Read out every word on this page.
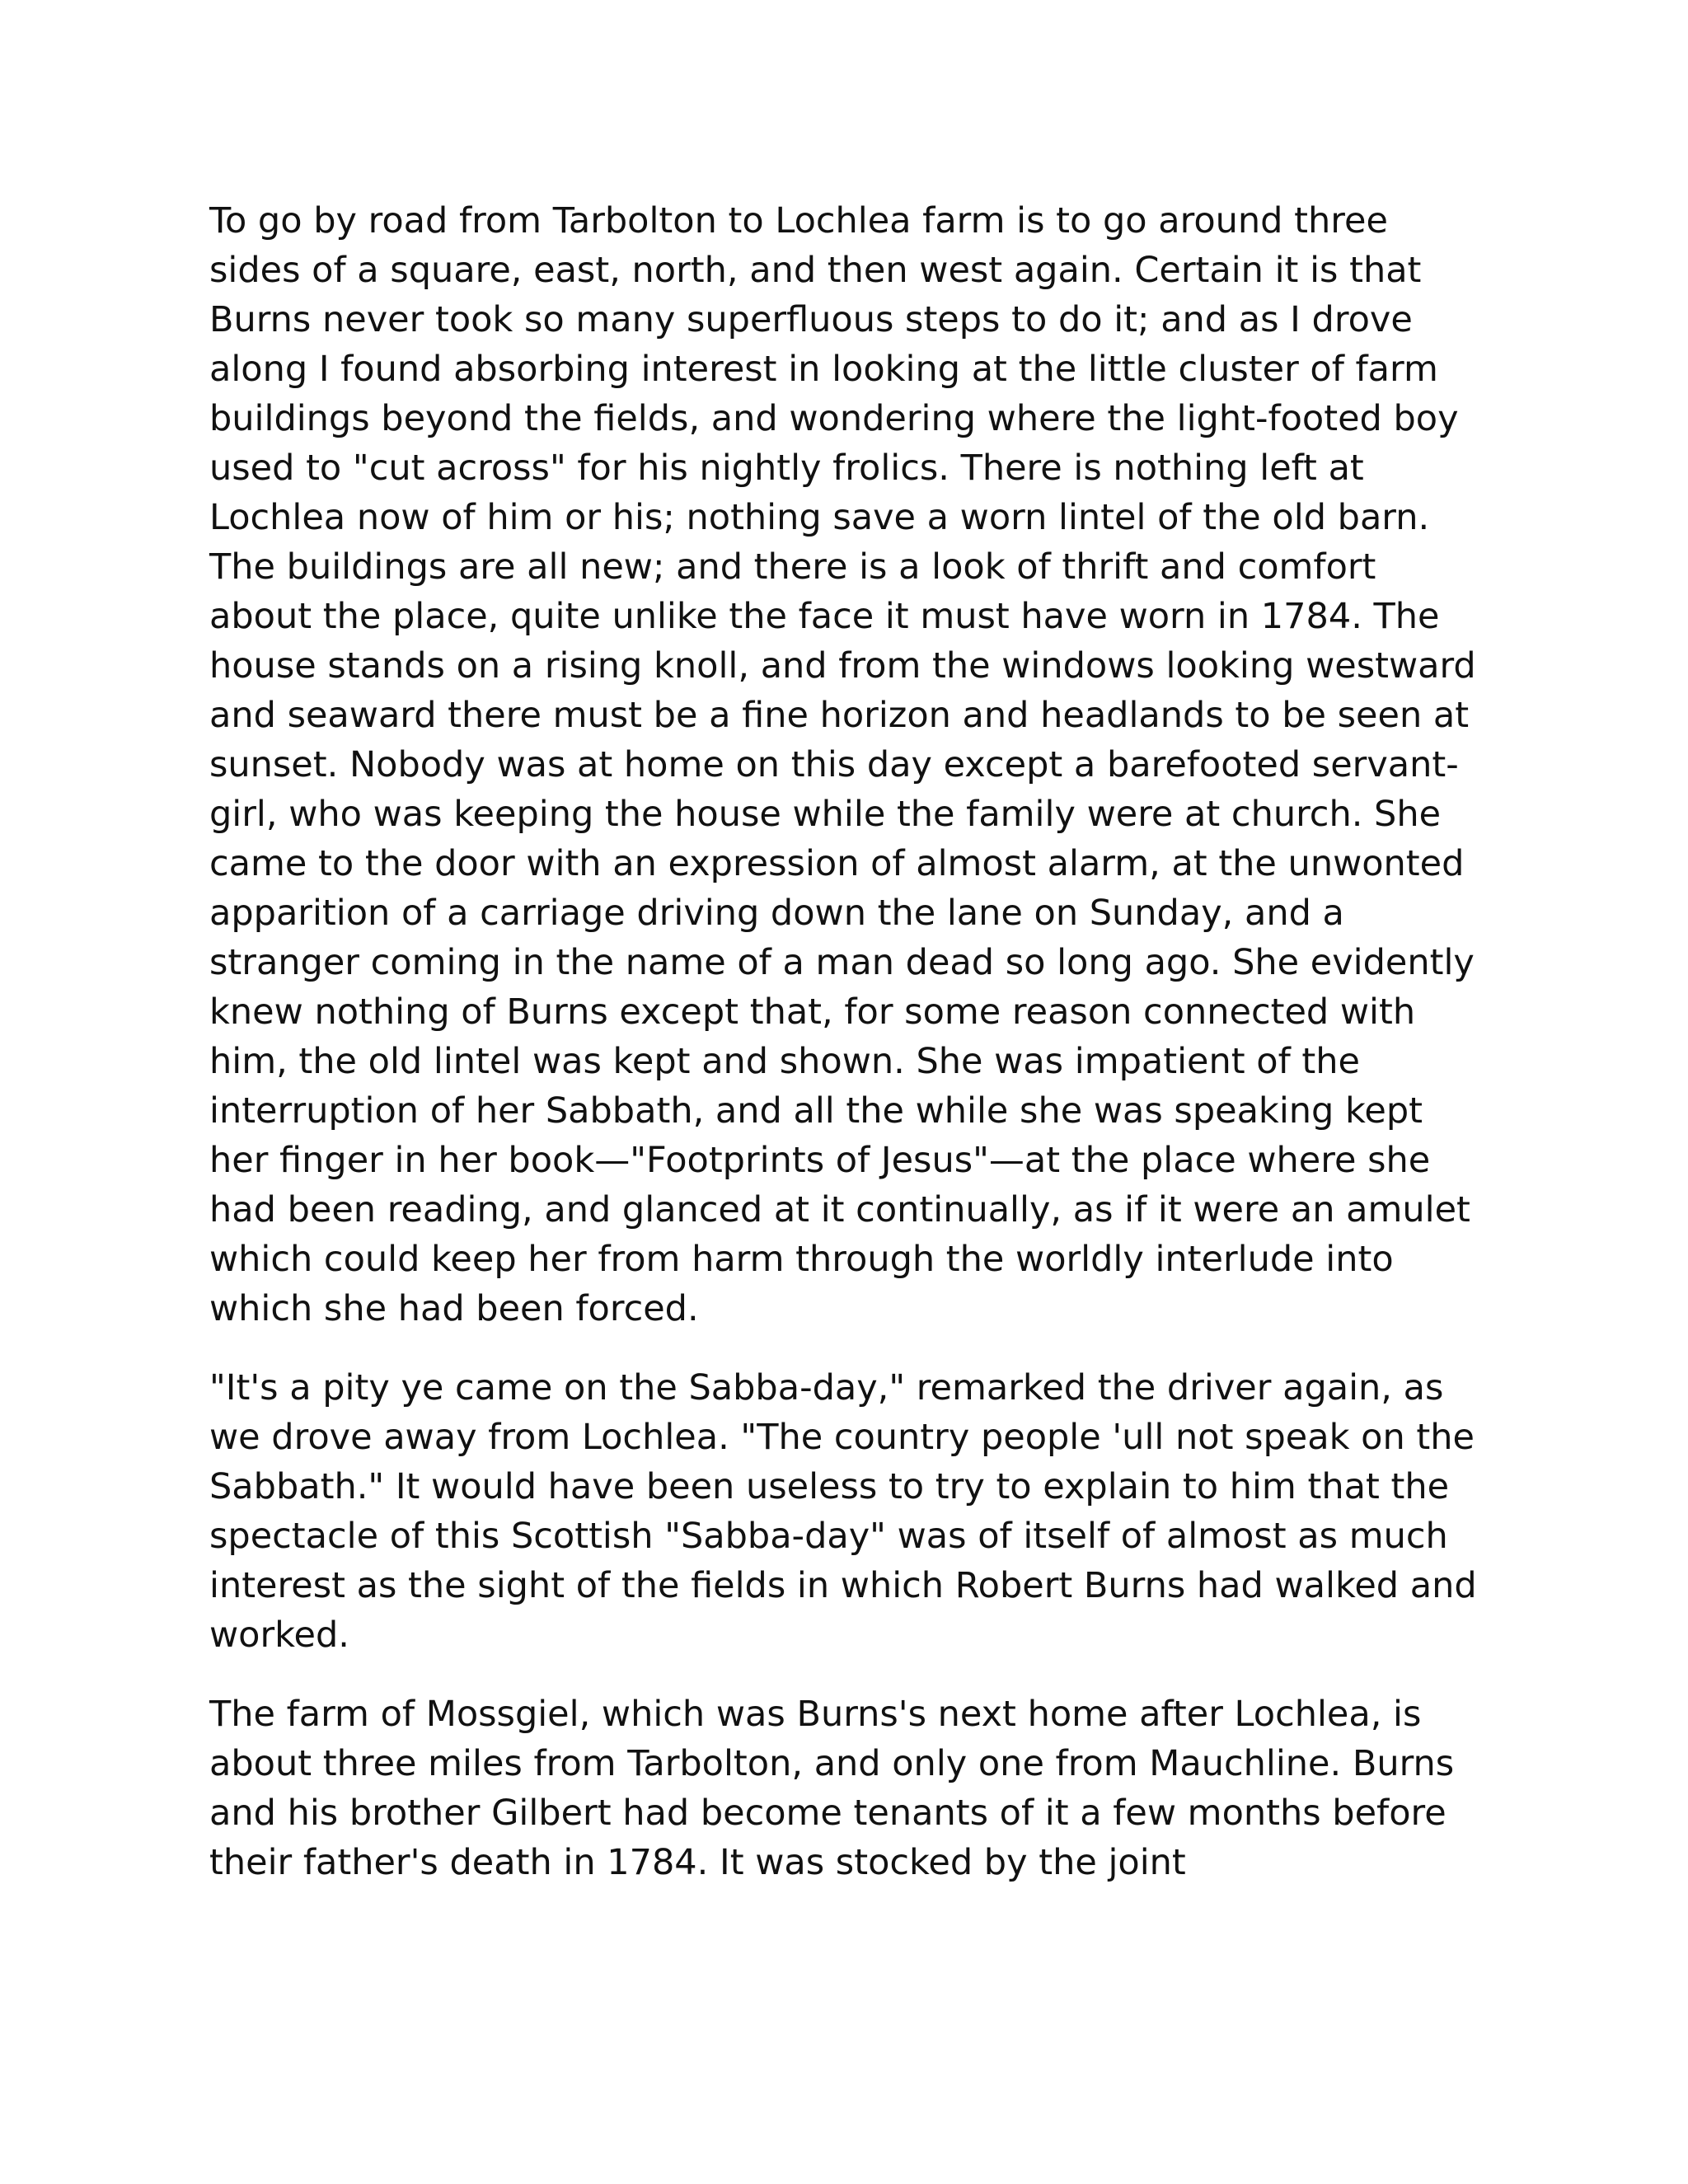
To go by road from Tarbolton to Lochlea farm is to go around three sides of a square, east, north, and then west again. Certain it is that Burns never took so many superfluous steps to do it; and as I drove along I found absorbing interest in looking at the little cluster of farm buildings beyond the fields, and wondering where the light-footed boy used to "cut across" for his nightly frolics. There is nothing left at Lochlea now of him or his; nothing save a worn lintel of the old barn. The buildings are all new; and there is a look of thrift and comfort about the place, quite unlike the face it must have worn in 1784. The house stands on a rising knoll, and from the windows looking westward and seaward there must be a fine horizon and headlands to be seen at sunset. Nobody was at home on this day except a barefooted servant-girl, who was keeping the house while the family were at church. She came to the door with an expression of almost alarm, at the unwonted apparition of a carriage driving down the lane on Sunday, and a stranger coming in the name of a man dead so long ago. She evidently knew nothing of Burns except that, for some reason connected with him, the old lintel was kept and shown. She was impatient of the interruption of her Sabbath, and all the while she was speaking kept her finger in her book—"Footprints of Jesus"—at the place where she had been reading, and glanced at it continually, as if it were an amulet which could keep her from harm through the worldly interlude into which she had been forced.

"It's a pity ye came on the Sabba-day," remarked the driver again, as we drove away from Lochlea. "The country people 'ull not speak on the Sabbath." It would have been useless to try to explain to him that the spectacle of this Scottish "Sabba-day" was of itself of almost as much interest as the sight of the fields in which Robert Burns had walked and worked.

The farm of Mossgiel, which was Burns's next home after Lochlea, is about three miles from Tarbolton, and only one from Mauchline. Burns and his brother Gilbert had become tenants of it a few months before their father's death in 1784. It was stocked by the joint
